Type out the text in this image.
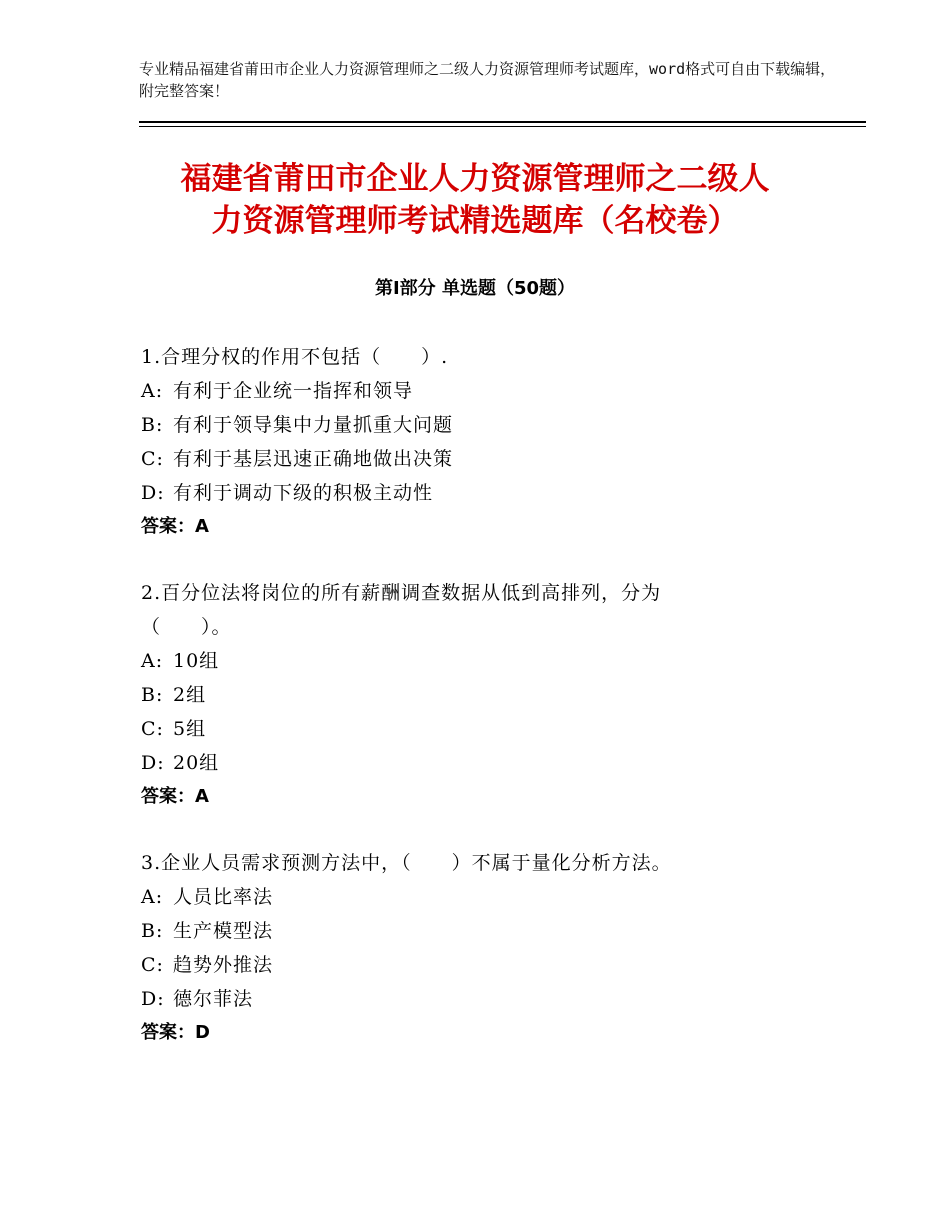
专业精品福建省莆田市企业人力资源管理师之二级人力资源管理师考试题库，word格式可自由下载编辑，附完整答案！
福建省莆田市企业人力资源管理师之二级人
力资源管理师考试精选题库（名校卷）
第Ⅰ部分 单选题（50题）
1.合理分权的作用不包括（　　）.
A: 有利于企业统一指挥和领导
B: 有利于领导集中力量抓重大问题
C: 有利于基层迅速正确地做出决策
D: 有利于调动下级的积极主动性
答案：A
2.百分位法将岗位的所有薪酬调查数据从低到高排列，分为（　　）。
A: 10组
B: 2组
C: 5组
D: 20组
答案：A
3.企业人员需求预测方法中，（　　）不属于量化分析方法。
A: 人员比率法
B: 生产模型法
C: 趋势外推法
D: 德尔菲法
答案：D
